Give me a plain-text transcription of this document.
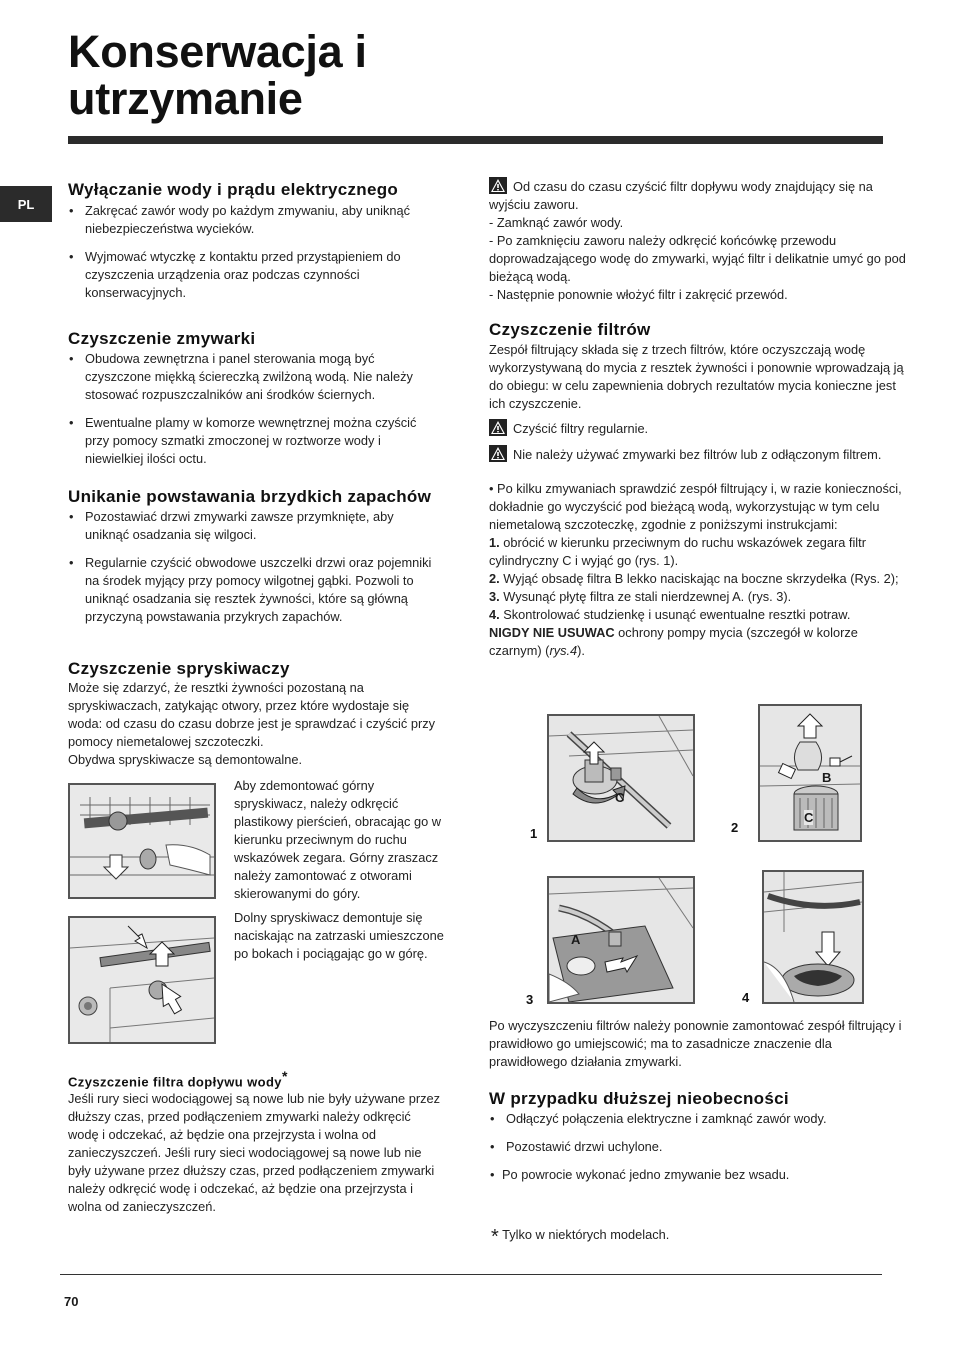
Konserwacja i
utrzymanie
PL
Wyłączanie wody i prądu elektrycznego

• Zakręcać zawór wody po każdym zmywaniu, aby uniknąć niebezpieczeństwa wycieków.

• Wyjmować wtyczkę z kontaktu przed przystąpieniem do czyszczenia urządzenia oraz podczas czynności konserwacyjnych.

Czyszczenie zmywarki

• Obudowa zewnętrzna i panel sterowania mogą być czyszczone miękką ściereczką zwilżoną wodą. Nie należy stosować rozpuszczalników ani środków ściernych.

• Ewentualne plamy w komorze wewnętrznej można czyścić przy pomocy szmatki zmoczonej w roztworze wody i niewielkiej ilości octu.

Unikanie powstawania brzydkich zapachów

• Pozostawiać drzwi zmywarki zawsze przymknięte, aby uniknąć osadzania się wilgoci.

• Regularnie czyścić obwodowe uszczelki drzwi oraz pojemniki na środek myjący przy pomocy wilgotnej gąbki. Pozwoli to uniknąć osadzania się resztek żywności, które są główną przyczyną powstawania przykrych zapachów.

Czyszczenie spryskiwaczy

Może się zdarzyć, że resztki żywności pozostaną na spryskiwaczach, zatykając otwory, przez które wydostaje się woda: od czasu do czasu dobrze jest je sprawdzać i czyścić przy pomocy niemetalowej szczoteczki.

Obydwa spryskiwacze są demontowalne.

Aby zdemontować górny spryskiwacz, należy odkręcić plastikowy pierścień, obracając go w kierunku przeciwnym do ruchu wskazówek zegara. Górny zraszacz należy zamontować z otworami skierowanymi do góry.
Dolny spryskiwacz demontuje się naciskając na zatrzaski umieszczone po bokach i pociągając go w górę.
Czyszczenie filtra dopływu wody*

Jeśli rury sieci wodociągowej są nowe lub nie były używane przez dłuższy czas, przed podłączeniem zmywarki należy odkręcić wodę i odczekać, aż będzie ona przejrzysta i wolna od zanieczyszczeń. Jeśli rury sieci wodociągowej są nowe lub nie były używane przez dłuższy czas, przed podłączeniem zmywarki należy odkręcić wodę i odczekać, aż będzie ona przejrzysta i wolna od zanieczyszczeń.

Od czasu do czasu czyścić filtr dopływu wody znajdujący się na wyjściu zaworu.

- Zamknąć zawór wody.

- Po zamknięciu zaworu należy odkręcić końcówkę przewodu doprowadzającego wodę do zmywarki, wyjąć filtr i delikatnie umyć go pod bieżącą wodą.

- Następnie ponownie włożyć filtr i zakręcić przewód.

Czyszczenie filtrów

Zespół filtrujący składa się z trzech filtrów, które oczyszczają wodę wykorzystywaną do mycia z resztek żywności i ponownie wprowadzają ją do obiegu: w celu zapewnienia dobrych rezultatów mycia konieczne jest ich czyszczenie.

Czyścić filtry regularnie.
Nie należy używać zmywarki bez filtrów lub z odłączonym filtrem.

• Po kilku zmywaniach sprawdzić zespół filtrujący i, w razie konieczności, dokładnie go wyczyścić pod bieżącą wodą, wykorzystując w tym celu niemetalową szczoteczkę, zgodnie z poniższymi instrukcjami:

1. obrócić w kierunku przeciwnym do ruchu wskazówek zegara filtr cylindryczny C i wyjąć go (rys. 1).

2. Wyjąć obsadę filtra B lekko naciskając na boczne skrzydełka (Rys. 2);

3. Wysunąć płytę filtra ze stali nierdzewnej A. (rys. 3).

4. Skontrolować studzienkę i usunąć ewentualne resztki potraw.

NIGDY NIE USUWAC ochrony pompy mycia (szczegół w kolorze czarnym) (rys.4).

C
1
B
C
2
A
3	4

Po wyczyszczeniu filtrów należy ponownie zamontować zespół filtrujący i prawidłowo go umiejscowić; ma to zasadnicze znaczenie dla prawidłowego działania zmywarki.

W przypadku dłuższej nieobecności

• Odłączyć połączenia elektryczne i zamknąć zawór wody.

• Pozostawić drzwi uchylone.

• Po powrocie wykonać jedno zmywanie bez wsadu.

* Tylko w niektórych modelach.
70
